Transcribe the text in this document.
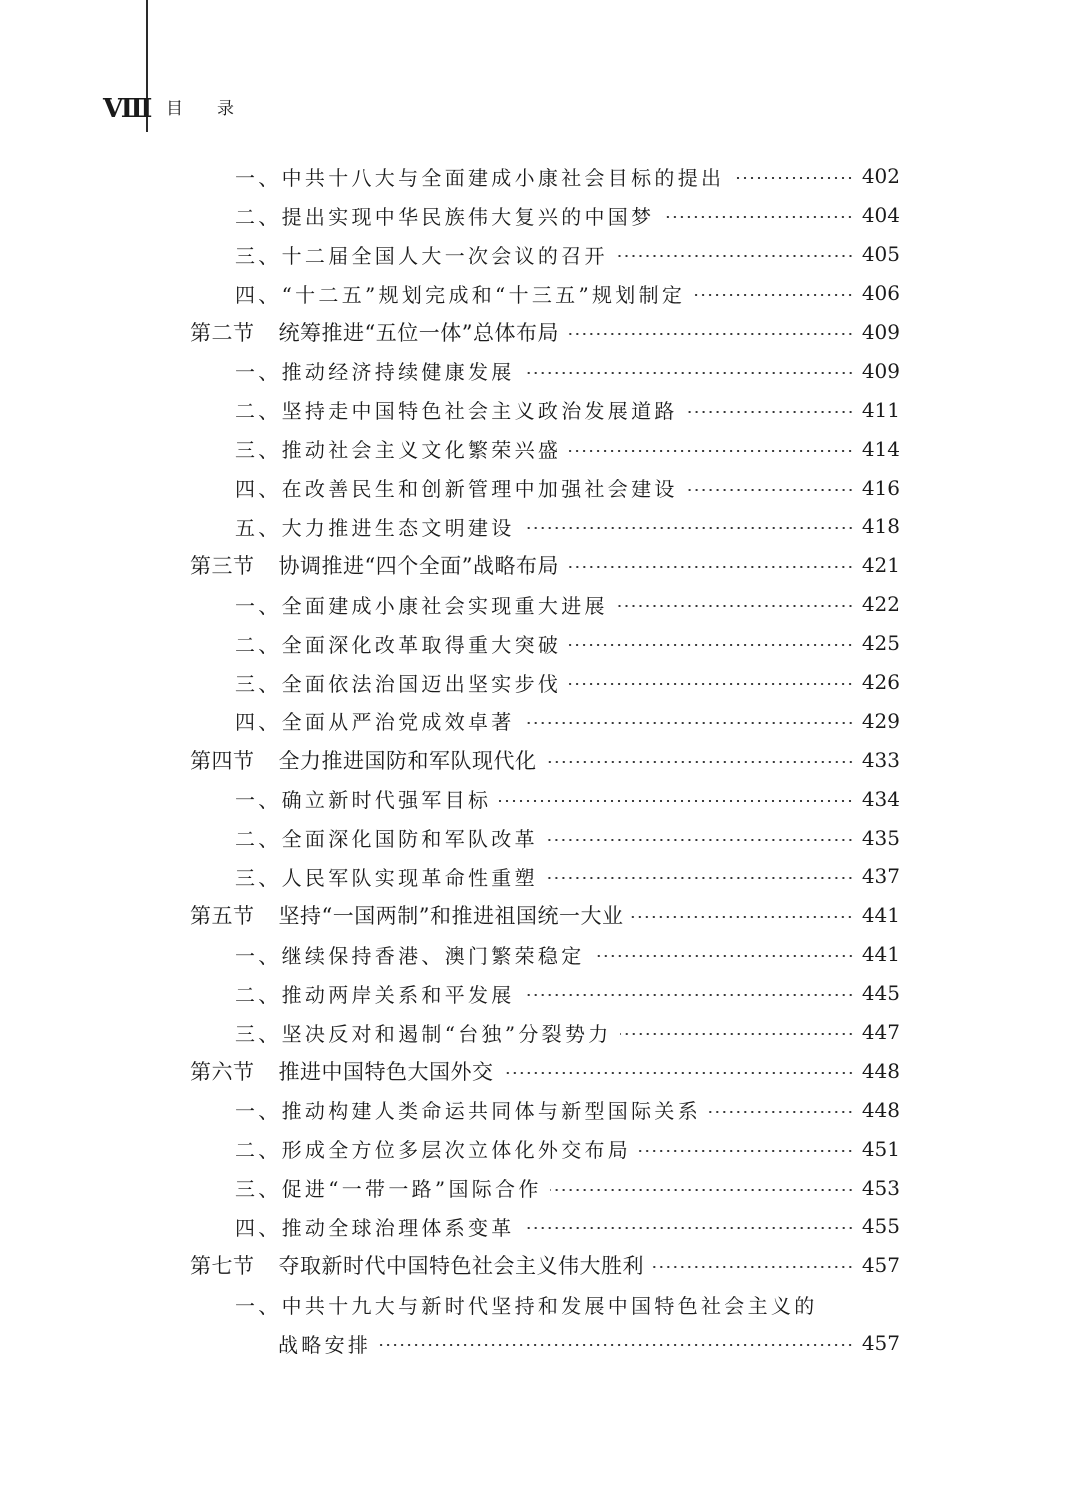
Ⅷ 目录
一、 中共十八大与全面建成小康社会目标的提出	402
二、 提出实现中华民族伟大复兴的中国梦	404
三、 十二届全国人大一次会议的召开	405
四、 “十二五”规划完成和“十三五”规划制定	406
第二节 统筹推进“五位一体”总体布局	409
一、 推动经济持续健康发展	409
二、 坚持走中国特色社会主义政治发展道路	411
三、 推动社会主义文化繁荣兴盛	414
四、 在改善民生和创新管理中加强社会建设	416
五、 大力推进生态文明建设	418
第三节 协调推进“四个全面”战略布局	421
一、 全面建成小康社会实现重大进展	422
二、 全面深化改革取得重大突破	425
三、 全面依法治国迈出坚实步伐	426
四、 全面从严治党成效卓著	429
第四节 全力推进国防和军队现代化	433
一、 确立新时代强军目标	434
二、 全面深化国防和军队改革	435
三、 人民军队实现革命性重塑	437
第五节 坚持“一国两制”和推进祖国统一大业	441
一、 继续保持香港、澳门繁荣稳定	441
二、 推动两岸关系和平发展	445
三、 坚决反对和遏制“台独”分裂势力	447
第六节 推进中国特色大国外交	448
一、 推动构建人类命运共同体与新型国际关系	448
二、 形成全方位多层次立体化外交布局	451
三、 促进“一带一路”国际合作	453
四、 推动全球治理体系变革	455
第七节 夺取新时代中国特色社会主义伟大胜利	457
一、 中共十九大与新时代坚持和发展中国特色社会主义的
战略安排	457
